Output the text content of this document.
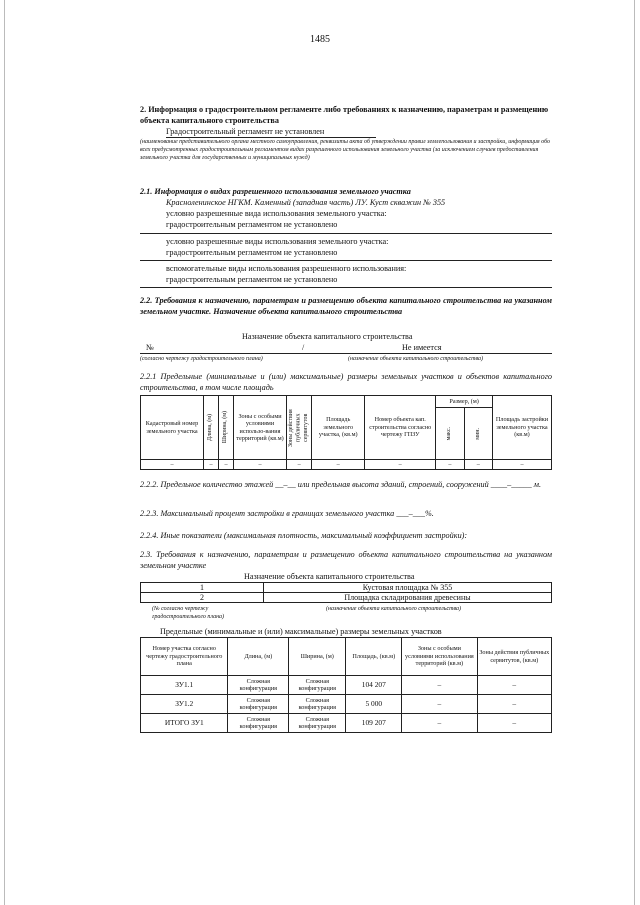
1485
2. Информация о градостроительном регламенте либо требованиях к назначению, параметрам и размещению объекта капитального строительства
Градостроительный регламент не установлен
(наименование представительного органа местного самоуправления, реквизиты акта об утверждении правил землепользования и застройки, информация обо всех предусмотренных градостроительным регламентом видах разрешенного использования земельного участка (за исключением случаев предоставления земельного участка для государственных и муниципальных нужд)
2.1. Информация о видах разрешенного использования земельного участка
Красноленинское НГКМ. Каменный (западная часть) ЛУ. Куст скважин № 355
условно разрешенные вида использования земельного участка:
градостроительным регламентом не установлено
условно разрешенные виды использования земельного участка:
градостроительным регламентом не установлено
вспомогательные виды использования разрешенного использования:
градостроительным регламентом не установлено
2.2. Требования к назначению, параметрам и размещению объекта капитального строительства на указанном земельном участке. Назначение объекта капитального строительства
Назначение объекта капитального строительства
№	/	Не имеется
(согласно чертежу градостроительного плана)	(назначение объекта капитального строительства)
2.2.1 Предельные (минимальные и (или) максимальные) размеры земельных участков и объектов капитального строительства, в том числе площадь
Кадастровый номер земельного участка	Длина, (м)	Ширина, (м)	Зоны с особыми условиями использо-вания территорий (кв.м)	Зоны действия публичных сервитутов	Площадь земельного участка, (кв.м)	Номер объекта кап. строительства согласно чертежу ГПЗУ	Размер, (м)		Площадь застройки земельного участка (кв.м)

							макс.	мин.	

–	–	–	–	–	–	–	–	–	–
2.2.2. Предельное количество этажей __–__ или предельная высота зданий, строений, сооружений ____–_____ м.
2.2.3. Максимальный процент застройки в границах земельного участка ___–___%.
2.2.4. Иные показатели (максимальная плотность, максимальный коэффициент застройки):
2.3. Требования к назначению, параметрам и размещению объекта капитального строительства на указанном земельном участке
Назначение объекта капитального строительства
1	Кустовая площадка № 355
2	Площадка складирования древесины
(№ согласно чертежу градостроительного плана)
(назначение объекта капитального строительства)
Предельные (минимальные и (или) максимальные) размеры земельных участков
Номер участка согласно чертежу градостроительного плана	Длина, (м)	Ширина, (м)	Площадь, (кв.м)	Зоны с особыми условиями использования территорий (кв.м)	Зоны действия публичных сервитутов, (кв.м)
ЗУ1.1	Сложная конфигурация	Сложная конфигурация	104 207	–	–
ЗУ1.2	Сложная конфигурация	Сложная конфигурация	5 000	–	–
ИТОГО ЗУ1	Сложная конфигурация	Сложная конфигурация	109 207	–	–
